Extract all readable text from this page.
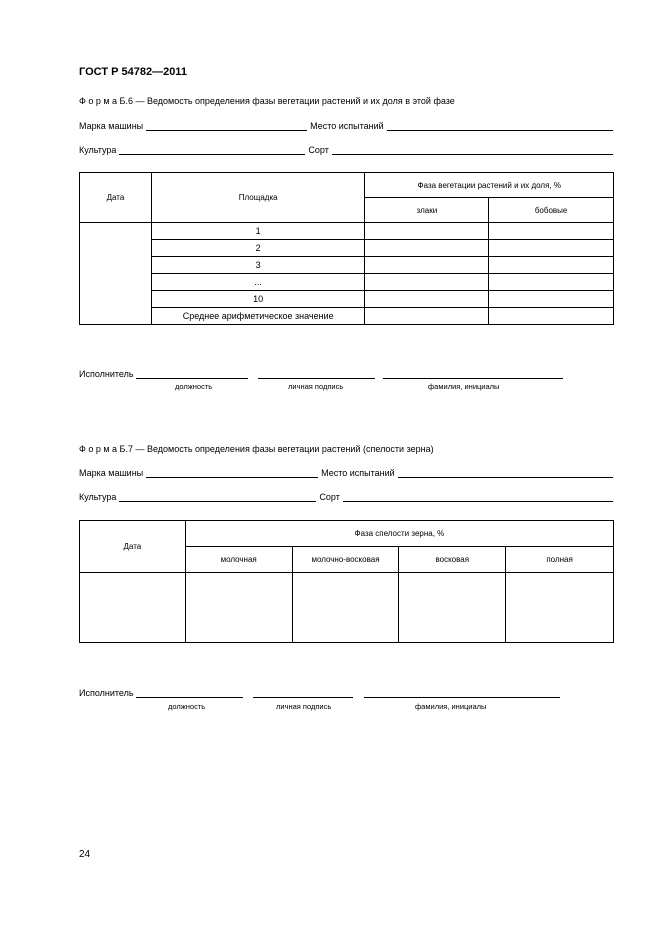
ГОСТ Р 54782—2011
Ф о р м а Б.6 — Ведомость определения фазы вегетации растений и их доля в этой фазе
Марка машины	Место испытаний
Культура	Сорт
Дата	Площадка	Фаза вегетации растений и их доля, %	
		злаки	бобовые
	1		
	2		
	3		
	...		
	10		
	Среднее арифметическое значение		
Исполнитель
должность	личная подпись	фамилия, инициалы
Ф о р м а Б.7 — Ведомость определения фазы вегетации растений (спелости зерна)
Марка машины	Место испытаний
Культура	Сорт
Дата	Фаза спелости зерна, %			
	молочная	молочно-восковая	восковая	полная

Исполнитель
должность	личная подпись	фамилия, инициалы
24
